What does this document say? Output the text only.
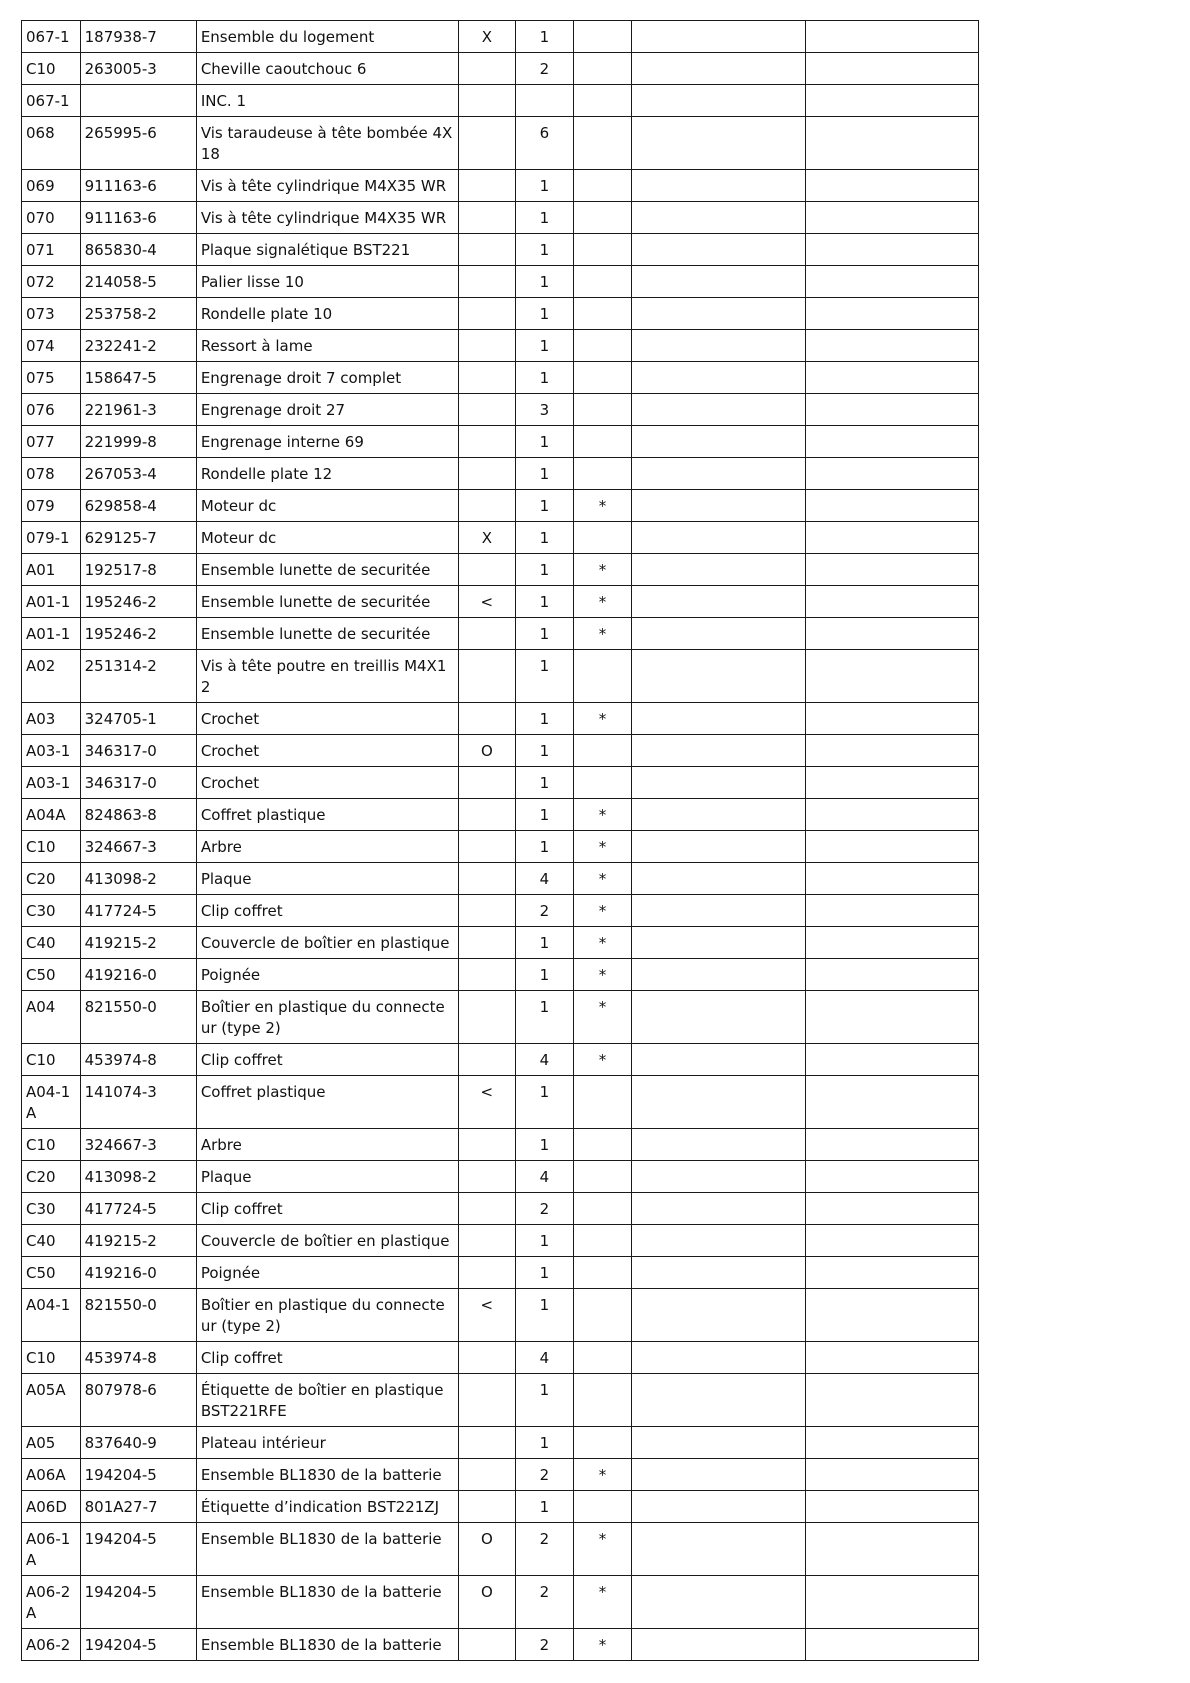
067-1	187938-7	Ensemble du logement	X	1			
C10	263005-3	Cheville caoutchouc 6		2			
067-1		INC. 1					
068	265995-6	Vis taraudeuse à tête bombée 4X18		6			
069	911163-6	Vis à tête cylindrique M4X35 WR		1			
070	911163-6	Vis à tête cylindrique M4X35 WR		1			
071	865830-4	Plaque signalétique BST221		1			
072	214058-5	Palier lisse 10		1			
073	253758-2	Rondelle plate 10		1			
074	232241-2	Ressort à lame		1			
075	158647-5	Engrenage droit 7 complet		1			
076	221961-3	Engrenage droit 27		3			
077	221999-8	Engrenage interne 69		1			
078	267053-4	Rondelle plate 12		1			
079	629858-4	Moteur dc		1	*		
079-1	629125-7	Moteur dc	X	1			
A01	192517-8	Ensemble lunette de securitée		1	*		
A01-1	195246-2	Ensemble lunette de securitée	<	1	*		
A01-1	195246-2	Ensemble lunette de securitée		1	*		
A02	251314-2	Vis à tête poutre en treillis M4X12		1			
A03	324705-1	Crochet		1	*		
A03-1	346317-0	Crochet	O	1			
A03-1	346317-0	Crochet		1			
A04A	824863-8	Coffret plastique		1	*		
C10	324667-3	Arbre		1	*		
C20	413098-2	Plaque		4	*		
C30	417724-5	Clip coffret		2	*		
C40	419215-2	Couvercle de boîtier en plastique		1	*		
C50	419216-0	Poignée		1	*		
A04	821550-0	Boîtier en plastique du connecteur (type 2)		1	*		
C10	453974-8	Clip coffret		4	*		
A04-1A	141074-3	Coffret plastique	<	1			
C10	324667-3	Arbre		1			
C20	413098-2	Plaque		4			
C30	417724-5	Clip coffret		2			
C40	419215-2	Couvercle de boîtier en plastique		1			
C50	419216-0	Poignée		1			
A04-1	821550-0	Boîtier en plastique du connecteur (type 2)	<	1			
C10	453974-8	Clip coffret		4			
A05A	807978-6	Étiquette de boîtier en plastique BST221RFE		1			
A05	837640-9	Plateau intérieur		1			
A06A	194204-5	Ensemble BL1830 de la batterie		2	*		
A06D	801A27-7	Étiquette d’indication BST221ZJ		1			
A06-1A	194204-5	Ensemble BL1830 de la batterie	O	2	*		
A06-2A	194204-5	Ensemble BL1830 de la batterie	O	2	*		
A06-2	194204-5	Ensemble BL1830 de la batterie		2	*		
